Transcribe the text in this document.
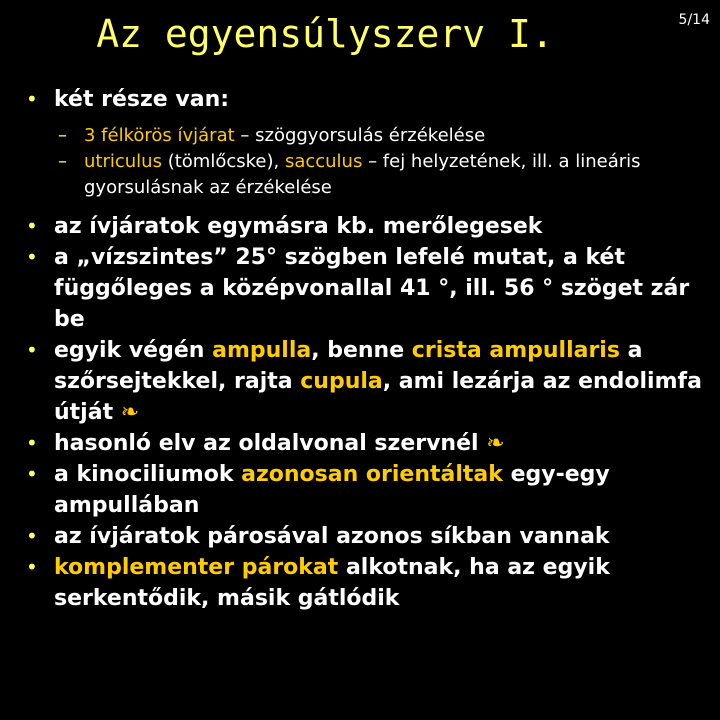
Az egyensúlyszerv I.	5/14
• két része van:
– 3 félkörös ívjárat – szöggyorsulás érzékelése
– utriculus (tömlőcske), sacculus – fej helyzetének, ill. a lineáris gyorsulásnak az érzékelése
• az ívjáratok egymásra kb. merőlegesek
• a „vízszintes” 25° szögben lefelé mutat, a két függőleges a középvonallal 41 °, ill. 56 ° szöget zár be
• egyik végén ampulla, benne crista ampullaris a szőrsejtekkel, rajta cupula, ami lezárja az endolimfa útját ❧
• hasonló elv az oldalvonal szervnél ❧
• a kinociliumok azonosan orientáltak egy-egy ampullában
• az ívjáratok párosával azonos síkban vannak
• komplementer párokat alkotnak, ha az egyik serkentődik, másik gátlódik
